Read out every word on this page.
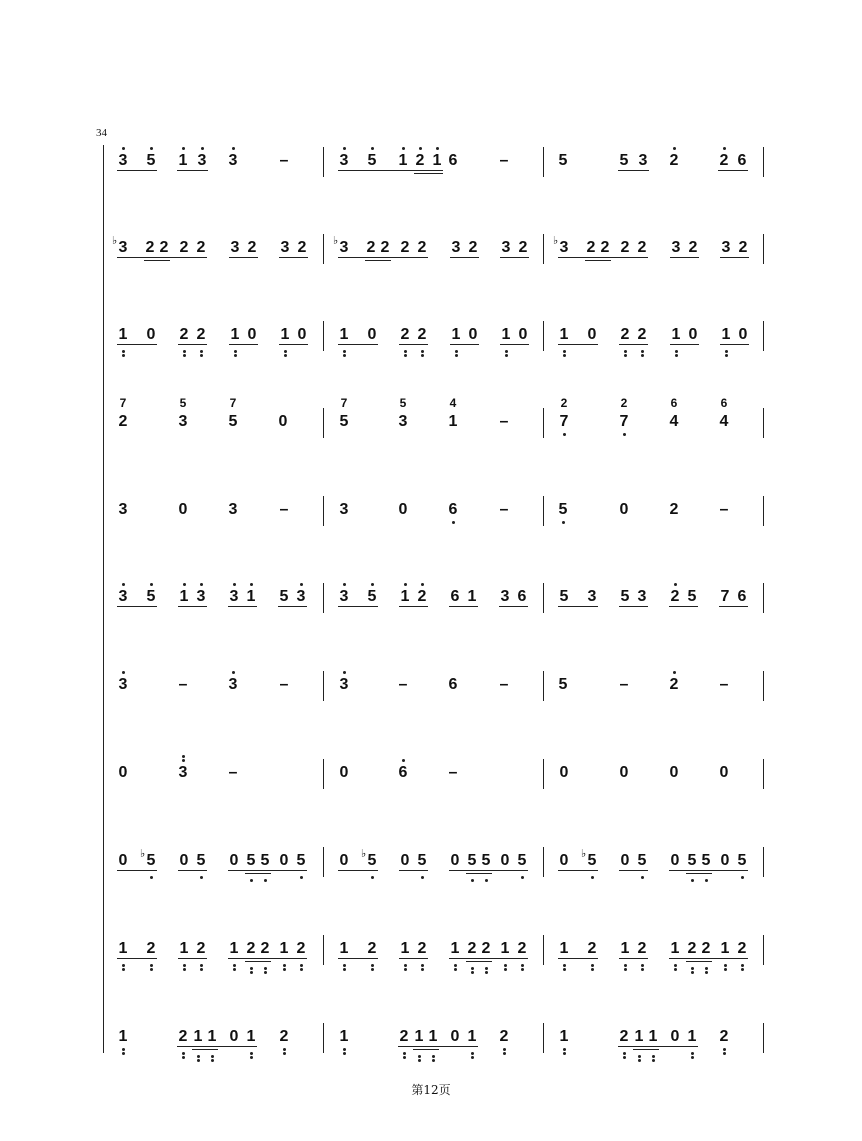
34
3 5 1 3 3	–	3 5 1 2 1 6	–	5	5 3 2	2 6
3
♭ 2 2 2 2 3 2 3 2 3
♭ 2 2 2 2 3 2 3 2 3
♭ 2 2 2 2 3 2 3 2
1 0 2 2 1 0 1 0 1 0 2 2 1 0 1 0 1 0 2 2 1 0 1 0
2
7
3
5
5
7
0	5
7
3
5
1
4
–	7
2
7
2
4
6
4
6
3	0	3	–	3	0	6	–	5	0	2	–
3 5 1 3 3 1 5 3 3 5 1 2 6 1 3 6 5 3 5 3 2 5 7 6
3	–	3	–	3	–	6	–	5	–	2	–
0	3	–	0	6	–	0	0	0	0
0 5
♭ 0 5 0 5 5 0 5 0 5
♭ 0 5 0 5 5 0 5 0 5
♭ 0 5 0 5 5 0 5
1 2 1 2 1 2 2 1 2 1 2 1 2 1 2 2 1 2 1 2 1 2 1 2 2 1 2
1	2 1 1 0 1 2	1	2 1 1 0 1 2	1	2 1 1 0 1 2
第12页
